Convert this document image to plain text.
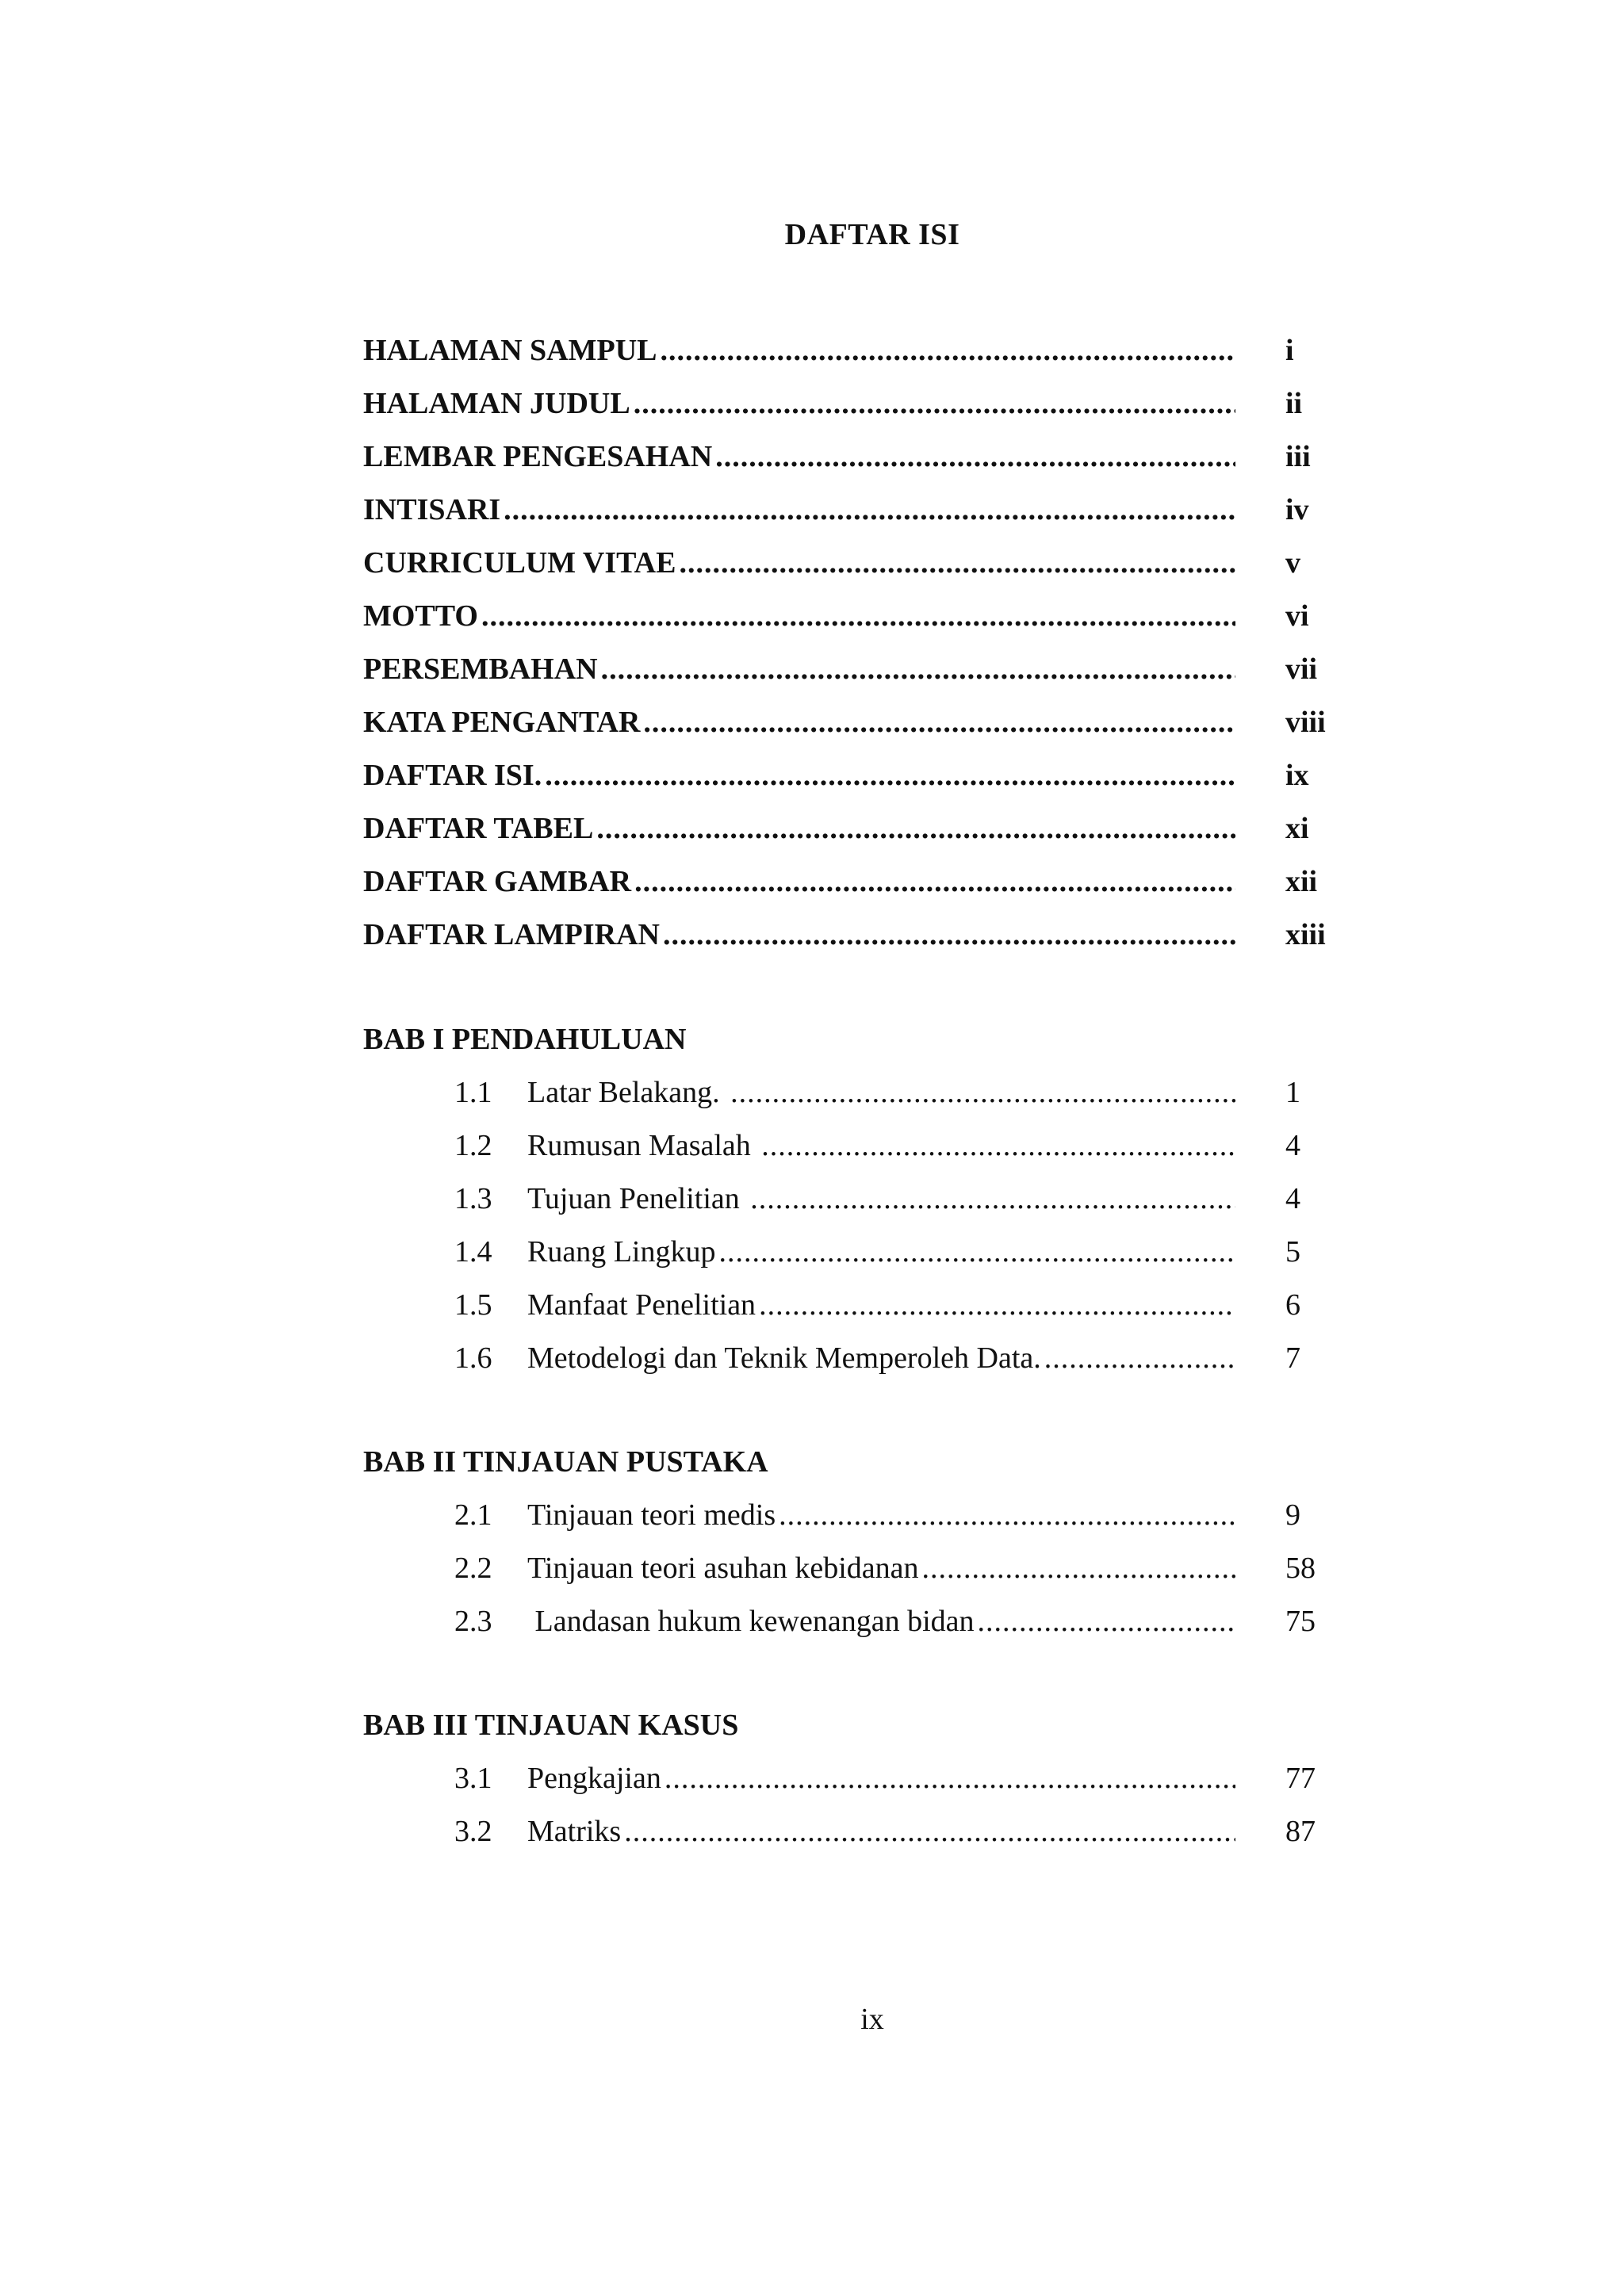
DAFTAR ISI
HALAMAN SAMPUL .....	i
HALAMAN JUDUL .....	ii
LEMBAR PENGESAHAN .....	iii
INTISARI .....	iv
CURRICULUM VITAE .....	v
MOTTO .....	vi
PERSEMBAHAN .....	vii
KATA PENGANTAR .....	viii
DAFTAR ISI. .....	ix
DAFTAR TABEL .....	xi
DAFTAR GAMBAR .....	xii
DAFTAR LAMPIRAN .....	xiii
BAB I PENDAHULUAN
1.1	Latar Belakang. .....	1
1.2	Rumusan Masalah .....	4
1.3	Tujuan Penelitian .....	4
1.4	Ruang Lingkup .....	5
1.5	Manfaat Penelitian .....	6
1.6	Metodelogi dan Teknik Memperoleh Data. .....	7
BAB II TINJAUAN PUSTAKA
2.1	Tinjauan teori medis .....	9
2.2	Tinjauan teori asuhan kebidanan .....	58
2.3	Landasan hukum kewenangan bidan .....	75
BAB III TINJAUAN KASUS
3.1	Pengkajian .....	77
3.2	Matriks .....	87
ix
